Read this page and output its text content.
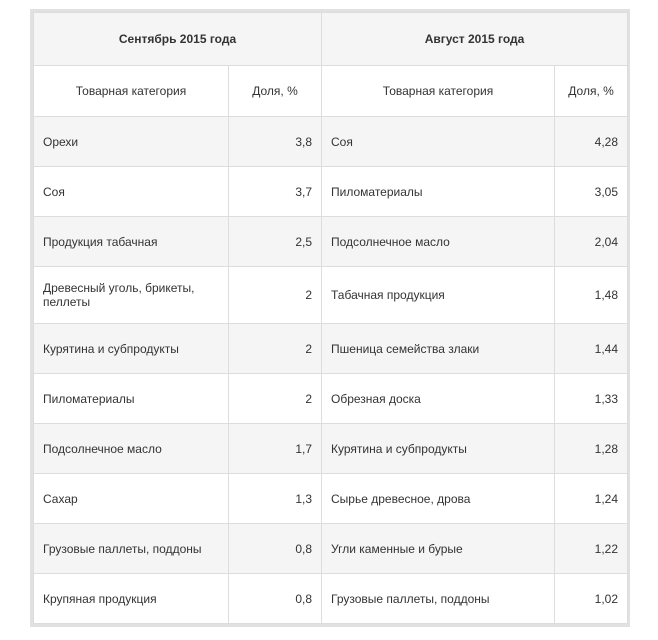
Сентябрь 2015 года		Август 2015 года	
Товарная категория	Доля, %	Товарная категория	Доля, %
Орехи	3,8	Соя	4,28
Соя	3,7	Пиломатериалы	3,05
Продукция табачная	2,5	Подсолнечное масло	2,04
Древесный уголь, брикеты, пеллеты	2	Табачная продукция	1,48
Курятина и субпродукты	2	Пшеница семейства злаки	1,44
Пиломатериалы	2	Обрезная доска	1,33
Подсолнечное масло	1,7	Курятина и субпродукты	1,28
Сахар	1,3	Сырье древесное, дрова	1,24
Грузовые паллеты, поддоны	0,8	Угли каменные и бурые	1,22
Крупяная продукция	0,8	Грузовые паллеты, поддоны	1,02
